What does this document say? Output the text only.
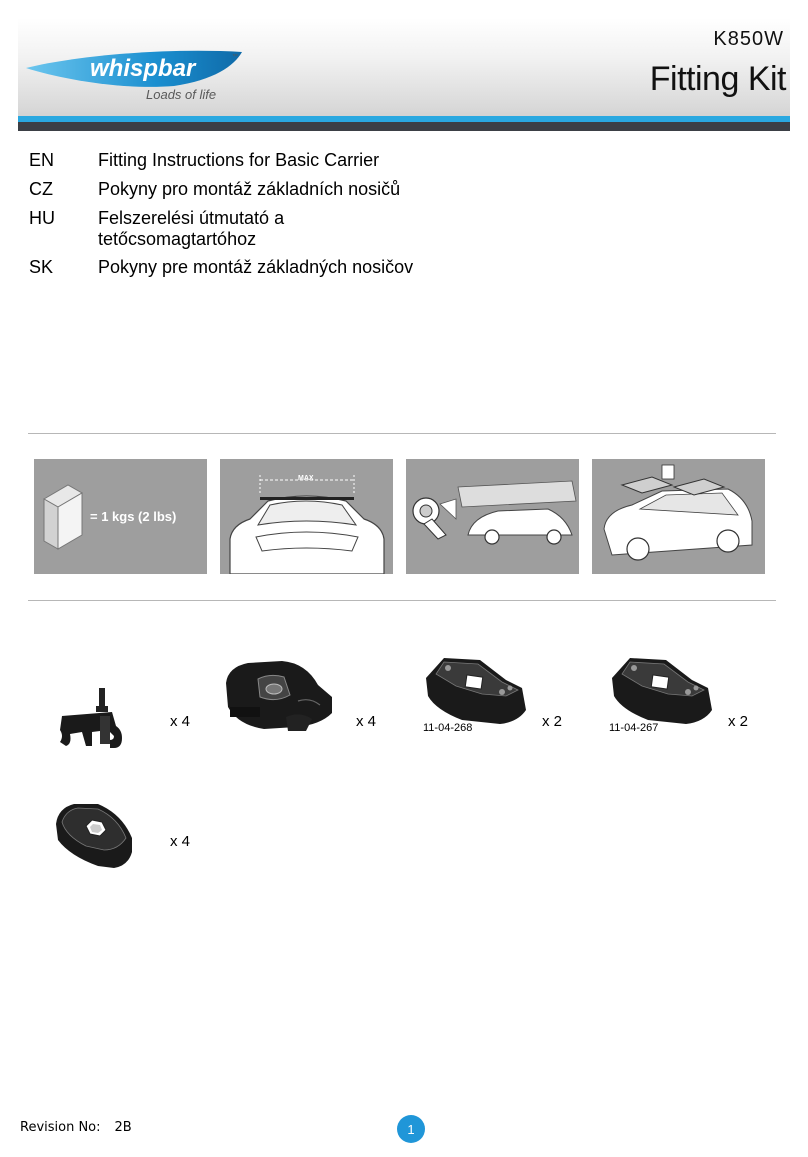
whispbar	™
Loads of life
K850W
Fitting Kit
EN	Fitting Instructions for Basic Carrier
CZ	Pokyny pro montáž základních nosičů
HU	Felszerelési útmutató a tetőcsomagtartóhoz
SK	Pokyny pre montáž základných nosičov
= 1 kgs (2 lbs)
MAX
x 4	x 4	11-04-268	x 2	11-04-267	x 2
x 4
Revision No: 2B	1
